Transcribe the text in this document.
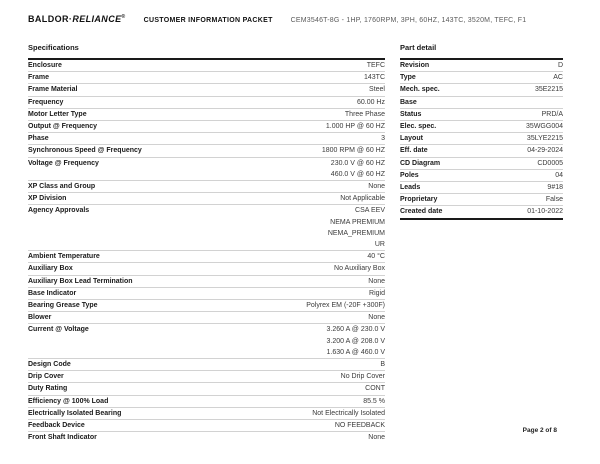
BALDOR·RELIANCE®	CUSTOMER INFORMATION PACKET	CEM3546T-8G - 1HP, 1760RPM, 3PH, 60HZ, 143TC, 3520M, TEFC, F1
Specifications	Part detail
Enclosure	TEFC
Frame	143TC
Frame Material	Steel
Frequency	60.00 Hz
Motor Letter Type	Three Phase
Output @ Frequency	1.000 HP @ 60 HZ
Phase	3
Synchronous Speed @ Frequency	1800 RPM @ 60 HZ
Voltage @ Frequency	230.0 V @ 60 HZ
460.0 V @ 60 HZ
XP Class and Group	None
XP Division	Not Applicable
Agency Approvals	CSA EEV
NEMA PREMIUM
NEMA_PREMIUM
UR
Ambient Temperature	40 °C
Auxiliary Box	No Auxiliary Box
Auxiliary Box Lead Termination	None
Base Indicator	Rigid
Bearing Grease Type	Polyrex EM (-20F +300F)
Blower	None
Current @ Voltage	3.260 A @ 230.0 V
3.200 A @ 208.0 V
1.630 A @ 460.0 V
Design Code	B
Drip Cover	No Drip Cover
Duty Rating	CONT
Efficiency @ 100% Load	85.5 %
Electrically Isolated Bearing	Not Electrically Isolated
Feedback Device	NO FEEDBACK
Front Shaft Indicator	None
Revision	D
Type	AC
Mech. spec.	35E2215
Base
Status	PRD/A
Elec. spec.	35WGG004
Layout	35LYE2215
Eff. date	04-29-2024
CD Diagram	CD0005
Poles	04
Leads	9#18
Proprietary	False
Created date	01-10-2022
Page 2 of 8
